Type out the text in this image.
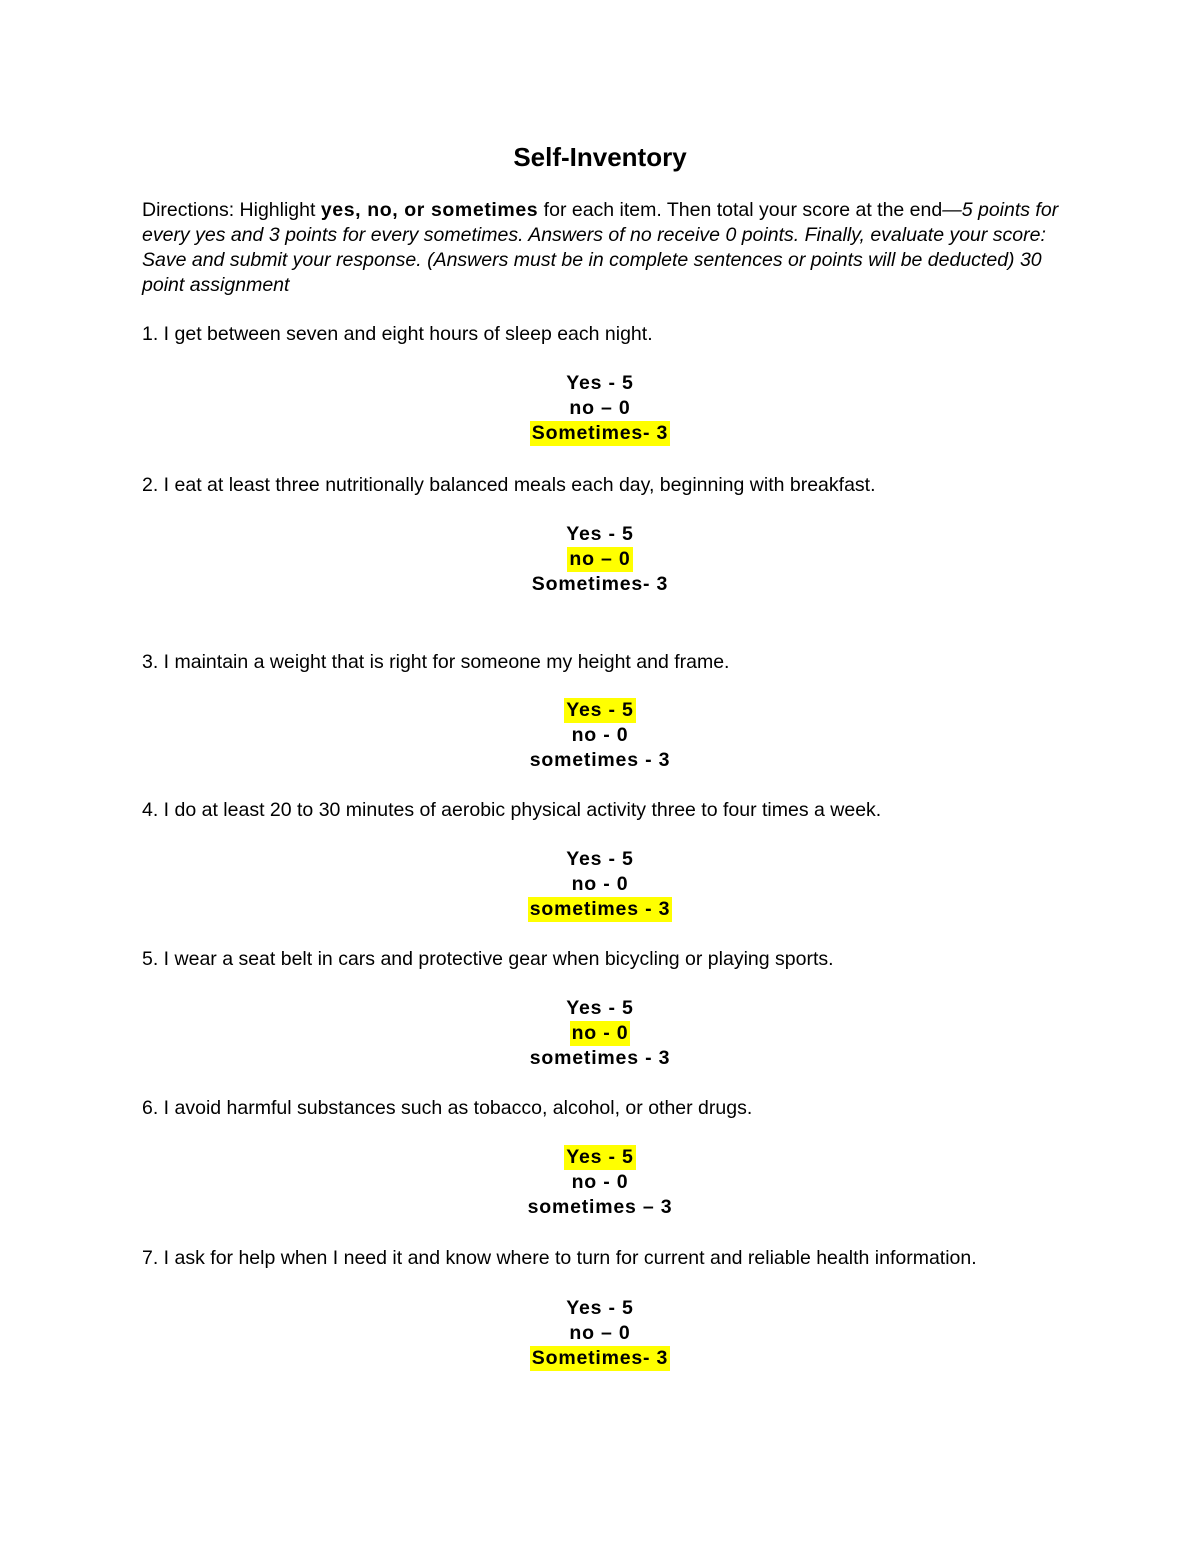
Self-Inventory
Directions: Highlight yes, no, or sometimes for each item. Then total your score at the end—5 points for every yes and 3 points for every sometimes. Answers of no receive 0 points. Finally, evaluate your score: Save and submit your response. (Answers must be in complete sentences or points will be deducted) 30 point assignment
1. I get between seven and eight hours of sleep each night.
Yes - 5
no – 0
Sometimes- 3
2. I eat at least three nutritionally balanced meals each day, beginning with breakfast.
Yes - 5
no – 0
Sometimes- 3
3. I maintain a weight that is right for someone my height and frame.
Yes - 5
no - 0
sometimes - 3
4. I do at least 20 to 30 minutes of aerobic physical activity three to four times a week.
Yes - 5
no - 0
sometimes - 3
5. I wear a seat belt in cars and protective gear when bicycling or playing sports.
Yes - 5
no - 0
sometimes - 3
6. I avoid harmful substances such as tobacco, alcohol, or other drugs.
Yes - 5
no - 0
sometimes – 3
7. I ask for help when I need it and know where to turn for current and reliable health information.
Yes - 5
no – 0
Sometimes- 3
